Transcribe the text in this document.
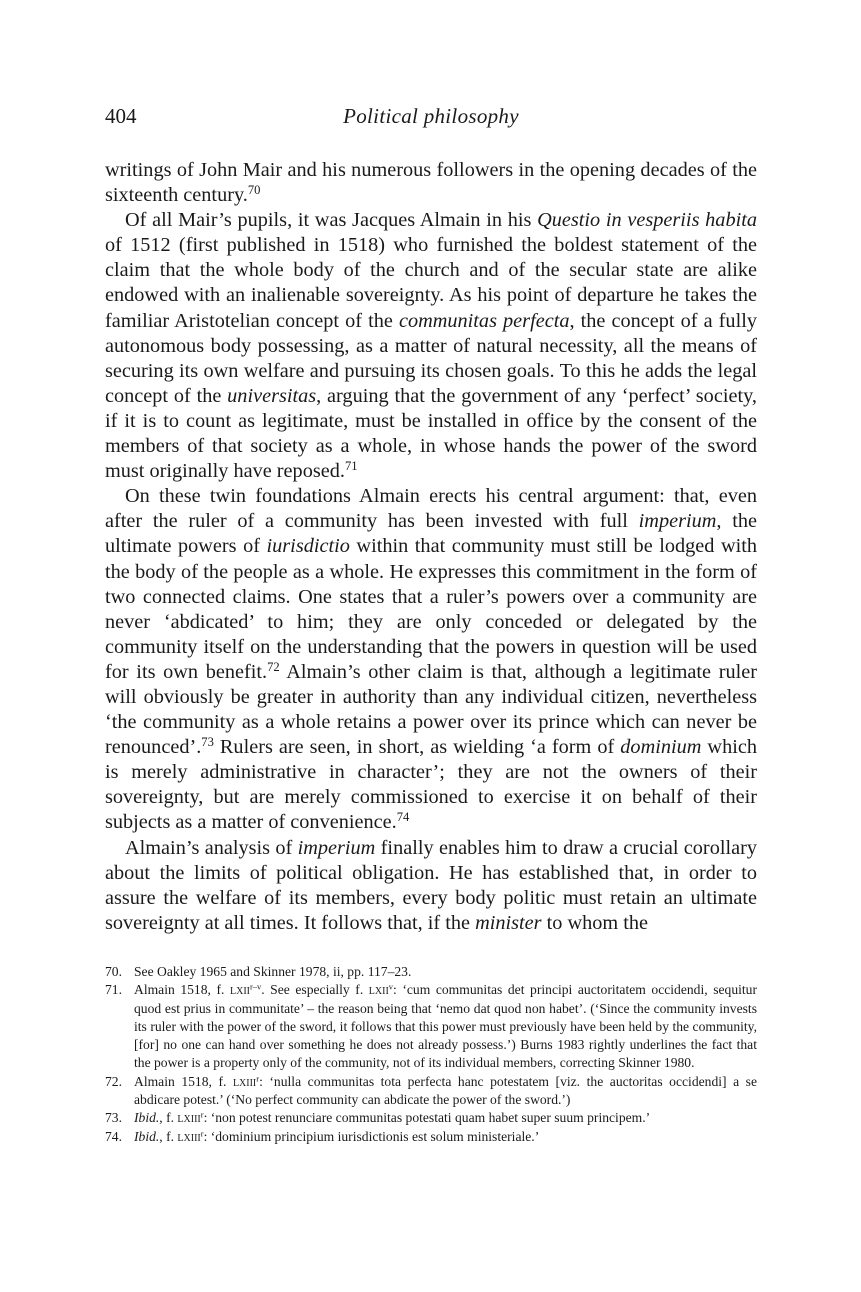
404	Political philosophy

writings of John Mair and his numerous followers in the opening decades of the sixteenth century.$^{70}$

Of all Mair’s pupils, it was Jacques Almain in his Questio in vesperiis habita of 1512 (first published in 1518) who furnished the boldest statement of the claim that the whole body of the church and of the secular state are alike endowed with an inalienable sovereignty. As his point of departure he takes the familiar Aristotelian concept of the communitas perfecta, the concept of a fully autonomous body possessing, as a matter of natural necessity, all the means of securing its own welfare and pursuing its chosen goals. To this he adds the legal concept of the universitas, arguing that the government of any ‘perfect’ society, if it is to count as legitimate, must be installed in office by the consent of the members of that society as a whole, in whose hands the power of the sword must originally have reposed.$^{71}$

On these twin foundations Almain erects his central argument: that, even after the ruler of a community has been invested with full imperium, the ultimate powers of iurisdictio within that community must still be lodged with the body of the people as a whole. He expresses this commitment in the form of two connected claims. One states that a ruler’s powers over a community are never ‘abdicated’ to him; they are only conceded or delegated by the community itself on the understanding that the powers in question will be used for its own benefit.$^{72}$ Almain’s other claim is that, although a legitimate ruler will obviously be greater in authority than any individual citizen, nevertheless ‘the community as a whole retains a power over its prince which can never be renounced’.$^{73}$ Rulers are seen, in short, as wielding ‘a form of dominium which is merely administrative in character’; they are not the owners of their sovereignty, but are merely commissioned to exercise it on behalf of their subjects as a matter of convenience.$^{74}$

Almain’s analysis of imperium finally enables him to draw a crucial corollary about the limits of political obligation. He has established that, in order to assure the welfare of its members, every body politic must retain an ultimate sovereignty at all times. It follows that, if the minister to whom the

70. See Oakley 1965 and Skinner 1978, ii, pp. 117–23.
71. Almain 1518, f. lxii$^{r-v}$. See especially f. lxii$^v$: ‘cum communitas det principi auctoritatem occidendi, sequitur quod est prius in communitate’ – the reason being that ‘nemo dat quod non habet’. (‘Since the community invests its ruler with the power of the sword, it follows that this power must previously have been held by the community, [for] no one can hand over something he does not already possess.’) Burns 1983 rightly underlines the fact that the power is a property only of the community, not of its individual members, correcting Skinner 1980.
72. Almain 1518, f. lxiii$^r$: ‘nulla communitas tota perfecta hanc potestatem [viz. the auctoritas occidendi] a se abdicare potest.’ (‘No perfect community can abdicate the power of the sword.’)
73. Ibid., f. lxiii$^r$: ‘non potest renunciare communitas potestati quam habet super suum principem.’
74. Ibid., f. lxiii$^r$: ‘dominium principium iurisdictionis est solum ministeriale.’
